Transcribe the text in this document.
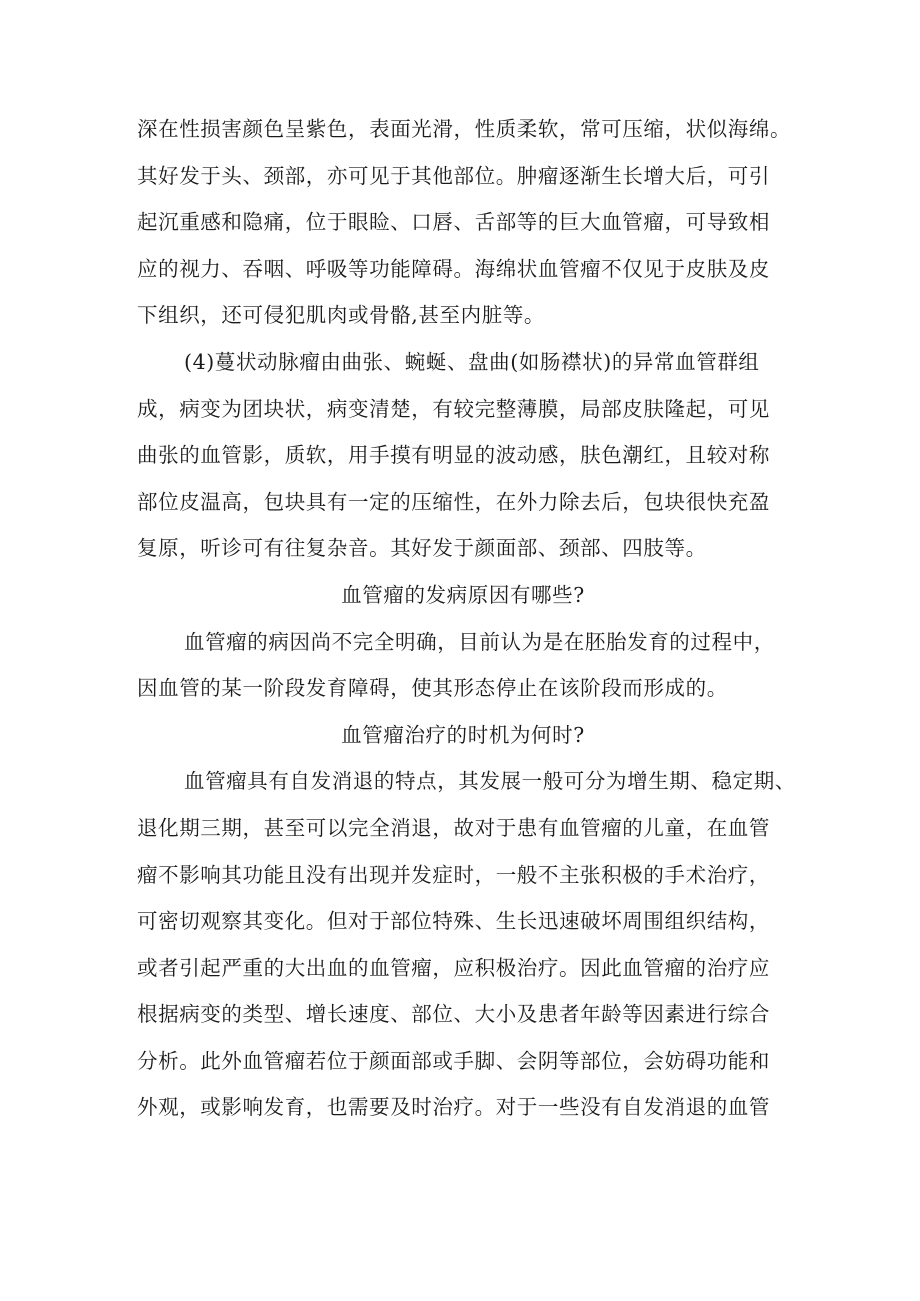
深在性损害颜色呈紫色，表面光滑，性质柔软，常可压缩，状似海绵。
其好发于头、颈部，亦可见于其他部位。肿瘤逐渐生长增大后，可引
起沉重感和隐痛，位于眼睑、口唇、舌部等的巨大血管瘤，可导致相
应的视力、吞咽、呼吸等功能障碍。海绵状血管瘤不仅见于皮肤及皮
下组织，还可侵犯肌肉或骨骼,甚至内脏等。
(4)蔓状动脉瘤由曲张、蜿蜒、盘曲(如肠襟状)的异常血管群组
成，病变为团块状，病变清楚，有较完整薄膜，局部皮肤隆起，可见
曲张的血管影，质软，用手摸有明显的波动感，肤色潮红，且较对称
部位皮温高，包块具有一定的压缩性，在外力除去后，包块很快充盈
复原，听诊可有往复杂音。其好发于颜面部、颈部、四肢等。
血管瘤的发病原因有哪些?
血管瘤的病因尚不完全明确，目前认为是在胚胎发育的过程中，
因血管的某一阶段发育障碍，使其形态停止在该阶段而形成的。
血管瘤治疗的时机为何时?
血管瘤具有自发消退的特点，其发展一般可分为增生期、稳定期、
退化期三期，甚至可以完全消退，故对于患有血管瘤的儿童，在血管
瘤不影响其功能且没有出现并发症时，一般不主张积极的手术治疗，
可密切观察其变化。但对于部位特殊、生长迅速破坏周围组织结构，
或者引起严重的大出血的血管瘤，应积极治疗。因此血管瘤的治疗应
根据病变的类型、增长速度、部位、大小及患者年龄等因素进行综合
分析。此外血管瘤若位于颜面部或手脚、会阴等部位，会妨碍功能和
外观，或影响发育，也需要及时治疗。对于一些没有自发消退的血管
